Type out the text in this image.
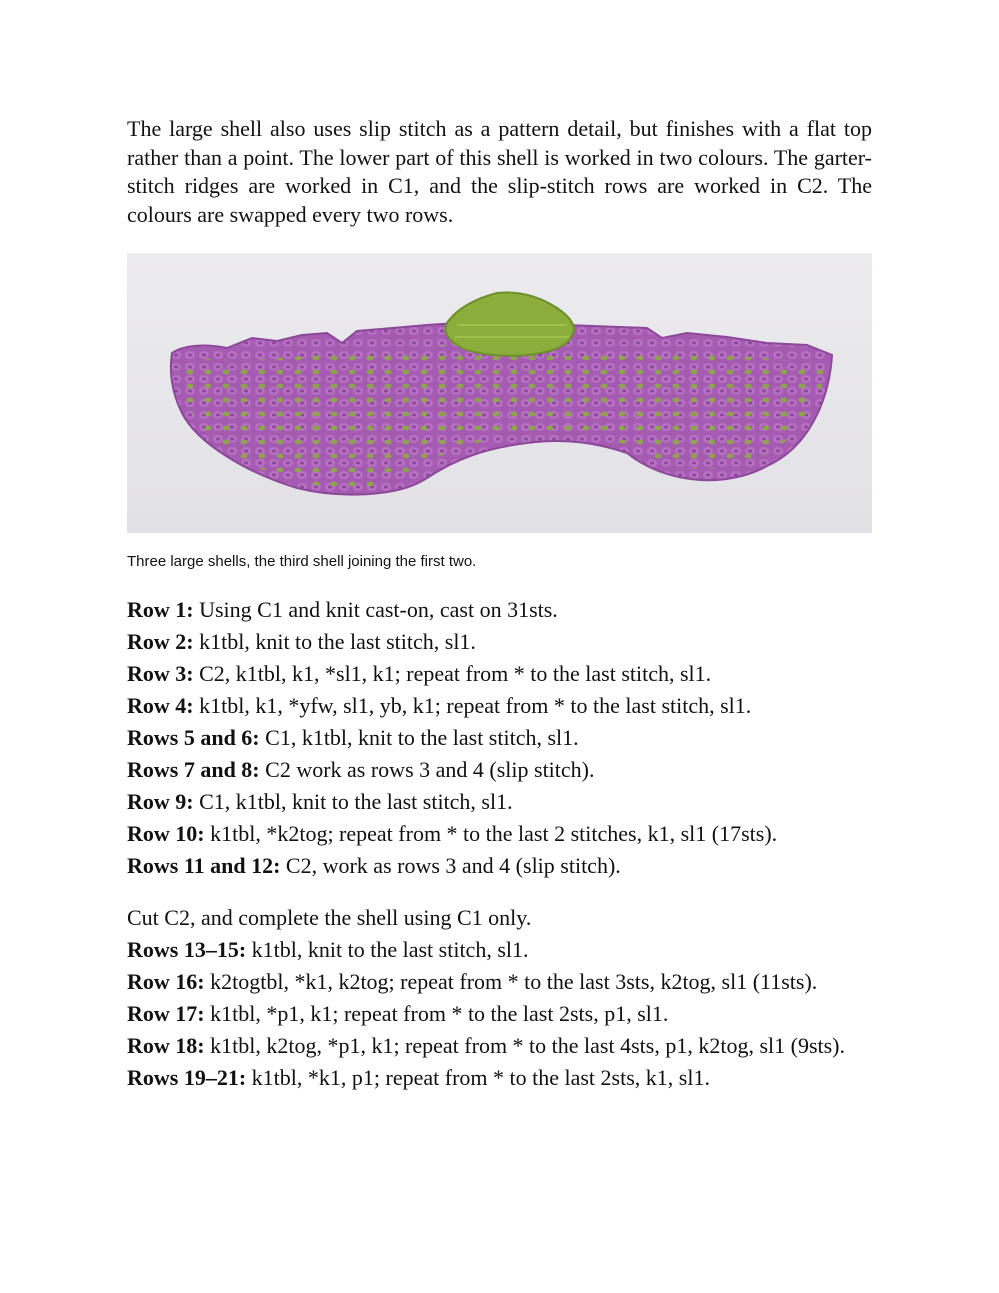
The large shell also uses slip stitch as a pattern detail, but finishes with a flat top rather than a point. The lower part of this shell is worked in two colours. The garter-stitch ridges are worked in C1, and the slip-stitch rows are worked in C2. The colours are swapped every two rows.

Three large shells, the third shell joining the first two.

Row 1: Using C1 and knit cast-on, cast on 31sts.

Row 2: k1tbl, knit to the last stitch, sl1.

Row 3: C2, k1tbl, k1, *sl1, k1; repeat from * to the last stitch, sl1.

Row 4: k1tbl, k1, *yfw, sl1, yb, k1; repeat from * to the last stitch, sl1.

Rows 5 and 6: C1, k1tbl, knit to the last stitch, sl1.

Rows 7 and 8: C2 work as rows 3 and 4 (slip stitch).

Row 9: C1, k1tbl, knit to the last stitch, sl1.

Row 10: k1tbl, *k2tog; repeat from * to the last 2 stitches, k1, sl1 (17sts).

Rows 11 and 12: C2, work as rows 3 and 4 (slip stitch).

Cut C2, and complete the shell using C1 only.

Rows 13–15: k1tbl, knit to the last stitch, sl1.

Row 16: k2togtbl, *k1, k2tog; repeat from * to the last 3sts, k2tog, sl1 (11sts).

Row 17: k1tbl, *p1, k1; repeat from * to the last 2sts, p1, sl1.

Row 18: k1tbl, k2tog, *p1, k1; repeat from * to the last 4sts, p1, k2tog, sl1 (9sts).

Rows 19–21: k1tbl, *k1, p1; repeat from * to the last 2sts, k1, sl1.
